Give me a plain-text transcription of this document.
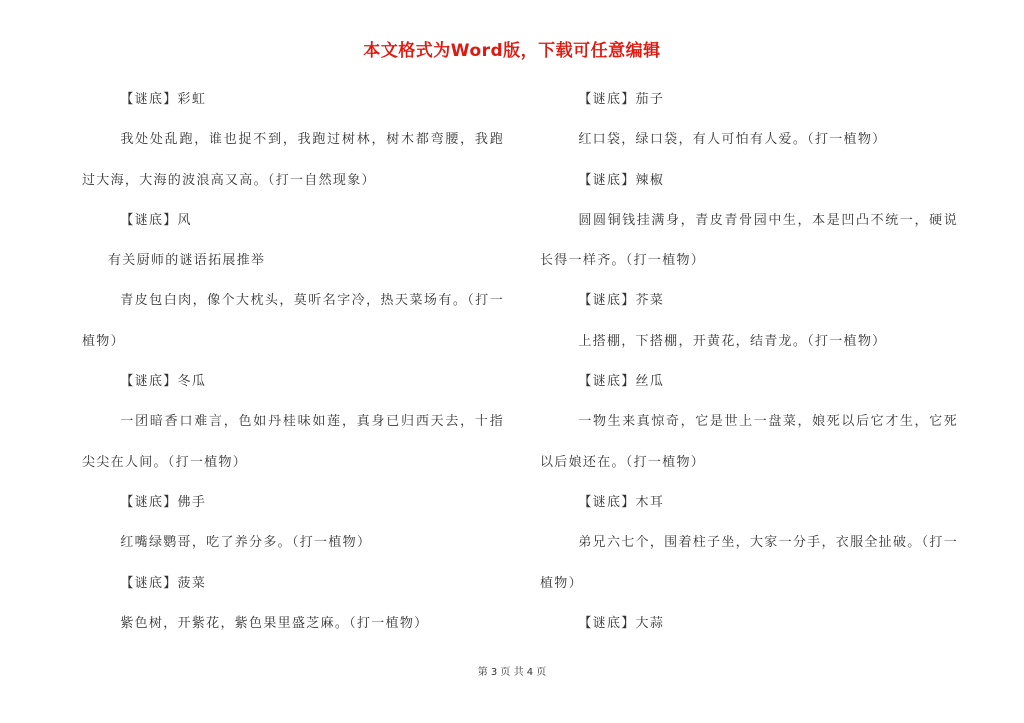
本文格式为Word版，下载可任意编辑

【谜底】彩虹

我处处乱跑，谁也捉不到，我跑过树林，树木都弯腰，我跑过大海，大海的波浪高又高。（打一自然现象）

【谜底】风

有关厨师的谜语拓展推举

青皮包白肉，像个大枕头，莫听名字冷，热天菜场有。（打一植物）

【谜底】冬瓜

一团暗香口难言，色如丹桂味如莲，真身已归西天去，十指尖尖在人间。（打一植物）

【谜底】佛手

红嘴绿鹦哥，吃了养分多。（打一植物）

【谜底】菠菜

紫色树，开紫花，紫色果里盛芝麻。（打一植物）

【谜底】茄子

红口袋，绿口袋，有人可怕有人爱。（打一植物）

【谜底】辣椒

圆圆铜钱挂满身，青皮青骨园中生，本是凹凸不统一，硬说长得一样齐。（打一植物）

【谜底】芥菜

上搭棚，下搭棚，开黄花，结青龙。（打一植物）

【谜底】丝瓜

一物生来真惊奇，它是世上一盘菜，娘死以后它才生，它死以后娘还在。（打一植物）

【谜底】木耳

弟兄六七个，围着柱子坐，大家一分手，衣服全扯破。（打一植物）

【谜底】大蒜

第 3 页 共 4 页
